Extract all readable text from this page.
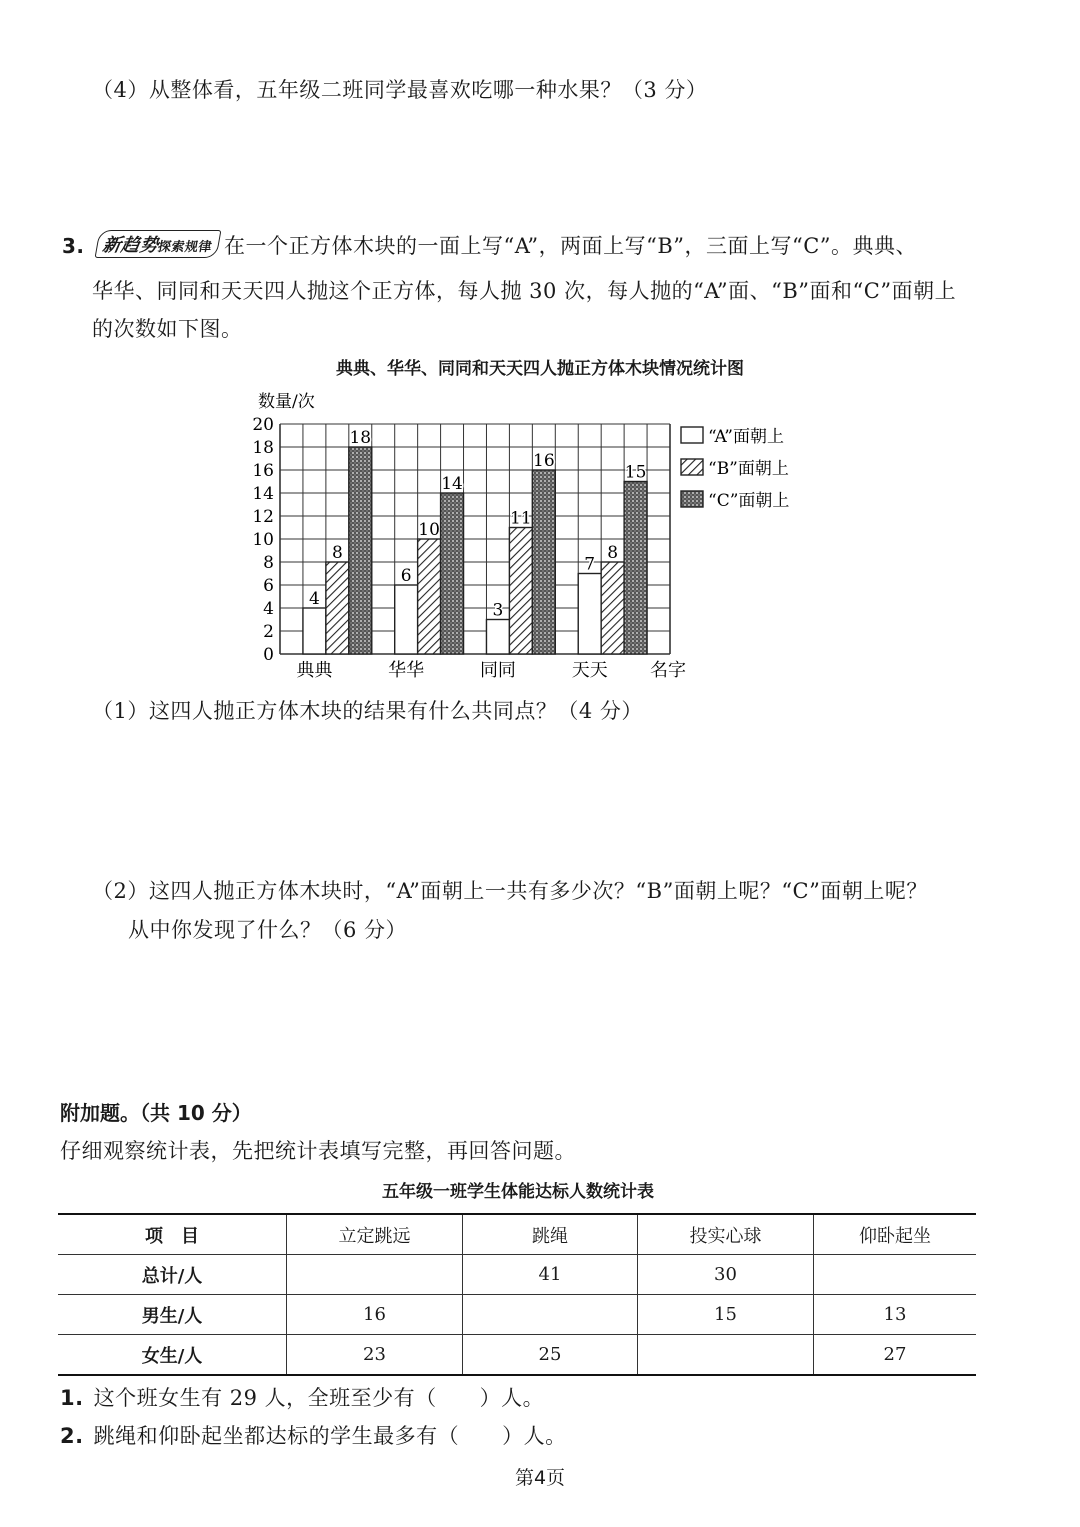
（4）从整体看，五年级二班同学最喜欢吃哪一种水果？（3 分）
3. 新趋势探索规律 在一个正方体木块的一面上写“A”，两面上写“B”，三面上写“C”。典典、
华华、同同和天天四人抛这个正方体，每人抛 30 次，每人抛的“A”面、“B”面和“C”面朝上
的次数如下图。
典典、华华、同同和天天四人抛正方体木块情况统计图
0
2
4
6
8
10
12
14
16
18
20
数量/次
4
8
18
典典
6
10
14
华华
3
11
16
同同
7
8
15
天天 名字
“A”面朝上
“B”面朝上
“C”面朝上
（1）这四人抛正方体木块的结果有什么共同点？（4 分）
（2）这四人抛正方体木块时，“A”面朝上一共有多少次？“B”面朝上呢？“C”面朝上呢？
从中你发现了什么？（6 分）
附加题。（共 10 分）
仔细观察统计表，先把统计表填写完整，再回答问题。
五年级一班学生体能达标人数统计表
项　目	立定跳远	跳绳	投实心球	仰卧起坐
总计/人		41	30	
男生/人	16		15	13
女生/人	23	25		27
1. 这个班女生有 29 人，全班至少有（　　）人。
2. 跳绳和仰卧起坐都达标的学生最多有（　　）人。
第4页
